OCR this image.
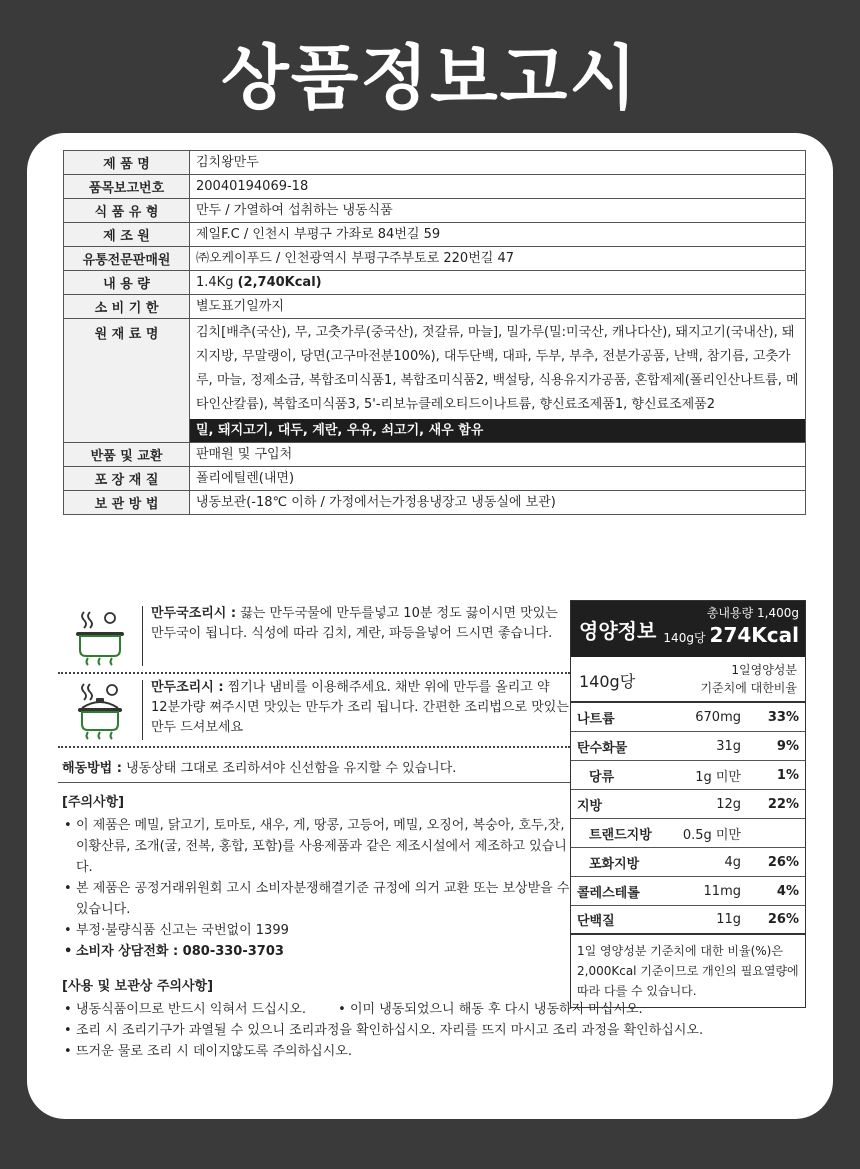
상품정보고시
제 품 명	김치왕만두
품목보고번호	20040194069-18
식 품 유 형	만두 / 가열하여 섭취하는 냉동식품
제 조 원	제일F.C / 인천시 부평구 가좌로 84번길 59
유통전문판매원	㈜오케이푸드 / 인천광역시 부평구주부토로 220번길 47
내 용 량	1.4Kg (2,740Kcal)
소 비 기 한	별도표기일까지
원 재 료 명	김치[배추(국산), 무, 고춧가루(중국산), 젓갈류, 마늘], 밀가루(밀:미국산, 캐나다산), 돼지고기(국내산), 돼지지방, 무말랭이, 당면(고구마전분100%), 대두단백, 대파, 두부, 부추, 전분가공품, 난백, 참기름, 고춧가루, 마늘, 정제소금, 복합조미식품1, 복합조미식품2, 백설탕, 식용유지가공품, 혼합제제(폴리인산나트륨, 메타인산칼륨), 복합조미식품3, 5'-리보뉴클레오티드이나트륨, 향신료조제품1, 향신료조제품2
밀, 돼지고기, 대두, 계란, 우유, 쇠고기, 새우 함유

반품 및 교환	판매원 및 구입처
포 장 재 질	폴리에틸렌(내면)
보 관 방 법	냉동보관(-18℃ 이하 / 가정에서는가정용냉장고 냉동실에 보관)
만두국조리시 : 끓는 만두국물에 만두를넣고 10분 정도 끓이시면 맛있는 만두국이 됩니다. 식성에 따라 김치, 계란, 파등을넣어 드시면 좋습니다.
만두조리시 : 찜기나 냄비를 이용해주세요. 채반 위에 만두를 올리고 약 12분가량 쪄주시면 맛있는 만두가 조리 됩니다. 간편한 조리법으로 맛있는 만두 드셔보세요
해동방법 : 냉동상태 그대로 조리하셔야 신선함을 유지할 수 있습니다.
[주의사항]
• 이 제품은 메밀, 닭고기, 토마토, 새우, 게, 땅콩, 고등어, 메밀, 오징어, 복숭아, 호두,잣, 이황산류, 조개(굴, 전복, 홍합, 포함)를 사용제품과 같은 제조시설에서 제조하고 있습니다.
• 본 제품은 공정거래위원회 고시 소비자분쟁해결기준 규정에 의거 교환 또는 보상받을 수 있습니다.
• 부정·불량식품 신고는 국번없이 1399
• 소비자 상담전화 : 080-330-3703
[사용 및 보관상 주의사항]
• 냉동식품이므로 반드시 익혀서 드십시오. • 이미 냉동되었으니 해동 후 다시 냉동하지 마십시오.
• 조리 시 조리기구가 과열될 수 있으니 조리과정을 확인하십시오. 자리를 뜨지 마시고 조리 과정을 확인하십시오.
• 뜨거운 물로 조리 시 데이지않도록 주의하십시오.
영양정보
총내용량 1,400g
140g당 274Kcal
140g당
1일영양성분
기준치에 대한비율
나트륨	670mg	33%
탄수화물	31g	9%
당류	1g 미만	1%
지방	12g	22%
트랜드지방	0.5g 미만
포화지방	4g	26%
콜레스테롤	11mg	4%
단백질	11g	26%
1일 영양성분 기준치에 대한 비율(%)은 2,000Kcal 기준이므로 개인의 필요열량에 따라 다를 수 있습니다.
